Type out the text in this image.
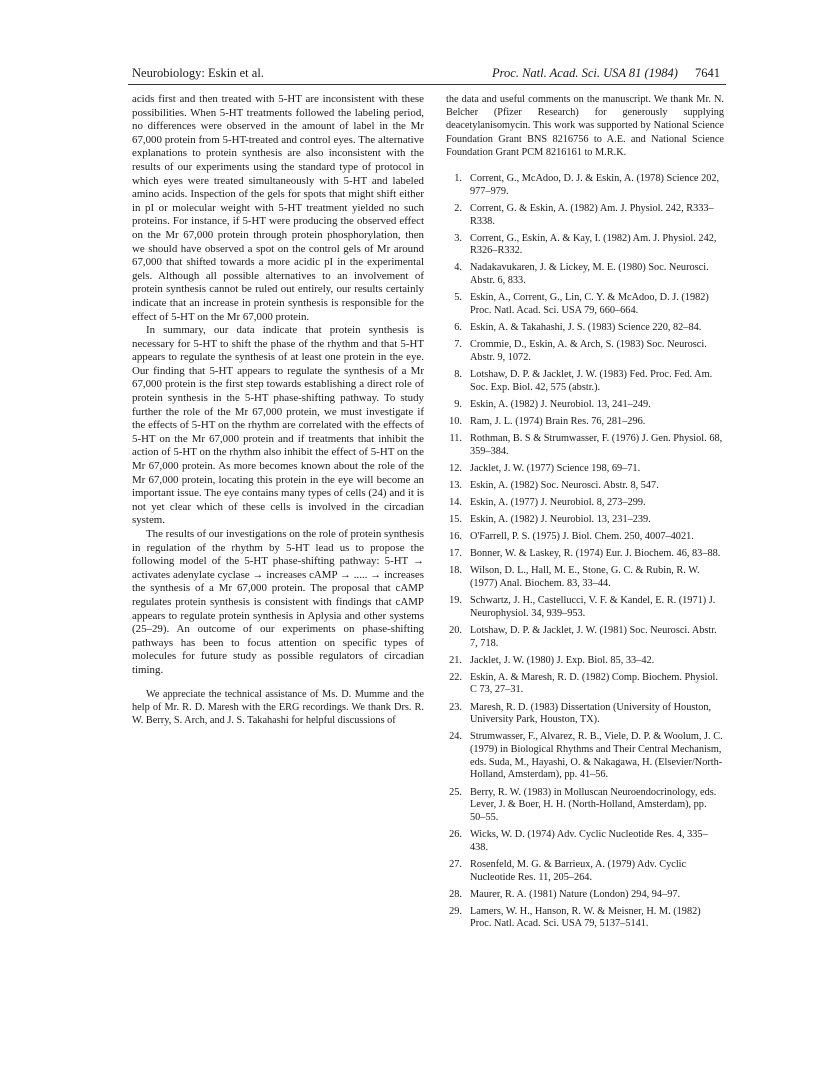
Neurobiology: Eskin et al.	Proc. Natl. Acad. Sci. USA 81 (1984) 7641

acids first and then treated with 5-HT are inconsistent with these possibilities. When 5-HT treatments followed the labeling period, no differences were observed in the amount of label in the Mr 67,000 protein from 5-HT-treated and control eyes. The alternative explanations to protein synthesis are also inconsistent with the results of our experiments using the standard type of protocol in which eyes were treated simultaneously with 5-HT and labeled amino acids. Inspection of the gels for spots that might shift either in pI or molecular weight with 5-HT treatment yielded no such proteins. For instance, if 5-HT were producing the observed effect on the Mr 67,000 protein through protein phosphorylation, then we should have observed a spot on the control gels of Mr around 67,000 that shifted towards a more acidic pI in the experimental gels. Although all possible alternatives to an involvement of protein synthesis cannot be ruled out entirely, our results certainly indicate that an increase in protein synthesis is responsible for the effect of 5-HT on the Mr 67,000 protein.

In summary, our data indicate that protein synthesis is necessary for 5-HT to shift the phase of the rhythm and that 5-HT appears to regulate the synthesis of at least one protein in the eye. Our finding that 5-HT appears to regulate the synthesis of a Mr 67,000 protein is the first step towards establishing a direct role of protein synthesis in the 5-HT phase-shifting pathway. To study further the role of the Mr 67,000 protein, we must investigate if the effects of 5-HT on the rhythm are correlated with the effects of 5-HT on the Mr 67,000 protein and if treatments that inhibit the action of 5-HT on the rhythm also inhibit the effect of 5-HT on the Mr 67,000 protein. As more becomes known about the role of the Mr 67,000 protein, locating this protein in the eye will become an important issue. The eye contains many types of cells (24) and it is not yet clear which of these cells is involved in the circadian system.

The results of our investigations on the role of protein synthesis in regulation of the rhythm by 5-HT lead us to propose the following model of the 5-HT phase-shifting pathway: 5-HT → activates adenylate cyclase → increases cAMP → ..... → increases the synthesis of a Mr 67,000 protein. The proposal that cAMP regulates protein synthesis is consistent with findings that cAMP appears to regulate protein synthesis in Aplysia and other systems (25–29). An outcome of our experiments on phase-shifting pathways has been to focus attention on specific types of molecules for future study as possible regulators of circadian timing.

We appreciate the technical assistance of Ms. D. Mumme and the help of Mr. R. D. Maresh with the ERG recordings. We thank Drs. R. W. Berry, S. Arch, and J. S. Takahashi for helpful discussions of

the data and useful comments on the manuscript. We thank Mr. N. Belcher (Pfizer Research) for generously supplying deacetylanisomycin. This work was supported by National Science Foundation Grant BNS 8216756 to A.E. and National Science Foundation Grant PCM 8216161 to M.R.K.

1. Corrent, G., McAdoo, D. J. & Eskin, A. (1978) Science 202, 977–979.
2. Corrent, G. & Eskin, A. (1982) Am. J. Physiol. 242, R333–R338.
3. Corrent, G., Eskin, A. & Kay, I. (1982) Am. J. Physiol. 242, R326–R332.
4. Nadakavukaren, J. & Lickey, M. E. (1980) Soc. Neurosci. Abstr. 6, 833.
5. Eskin, A., Corrent, G., Lin, C. Y. & McAdoo, D. J. (1982) Proc. Natl. Acad. Sci. USA 79, 660–664.
6. Eskin, A. & Takahashi, J. S. (1983) Science 220, 82–84.
7. Crommie, D., Eskin, A. & Arch, S. (1983) Soc. Neurosci. Abstr. 9, 1072.
8. Lotshaw, D. P. & Jacklet, J. W. (1983) Fed. Proc. Fed. Am. Soc. Exp. Biol. 42, 575 (abstr.).
9. Eskin, A. (1982) J. Neurobiol. 13, 241–249.
10. Ram, J. L. (1974) Brain Res. 76, 281–296.
11. Rothman, B. S & Strumwasser, F. (1976) J. Gen. Physiol. 68, 359–384.
12. Jacklet, J. W. (1977) Science 198, 69–71.
13. Eskin, A. (1982) Soc. Neurosci. Abstr. 8, 547.
14. Eskin, A. (1977) J. Neurobiol. 8, 273–299.
15. Eskin, A. (1982) J. Neurobiol. 13, 231–239.
16. O'Farrell, P. S. (1975) J. Biol. Chem. 250, 4007–4021.
17. Bonner, W. & Laskey, R. (1974) Eur. J. Biochem. 46, 83–88.
18. Wilson, D. L., Hall, M. E., Stone, G. C. & Rubin, R. W. (1977) Anal. Biochem. 83, 33–44.
19. Schwartz, J. H., Castellucci, V. F. & Kandel, E. R. (1971) J. Neurophysiol. 34, 939–953.
20. Lotshaw, D. P. & Jacklet, J. W. (1981) Soc. Neurosci. Abstr. 7, 718.
21. Jacklet, J. W. (1980) J. Exp. Biol. 85, 33–42.
22. Eskin, A. & Maresh, R. D. (1982) Comp. Biochem. Physiol. C 73, 27–31.
23. Maresh, R. D. (1983) Dissertation (University of Houston, University Park, Houston, TX).
24. Strumwasser, F., Alvarez, R. B., Viele, D. P. & Woolum, J. C. (1979) in Biological Rhythms and Their Central Mechanism, eds. Suda, M., Hayashi, O. & Nakagawa, H. (Elsevier/North-Holland, Amsterdam), pp. 41–56.
25. Berry, R. W. (1983) in Molluscan Neuroendocrinology, eds. Lever, J. & Boer, H. H. (North-Holland, Amsterdam), pp. 50–55.
26. Wicks, W. D. (1974) Adv. Cyclic Nucleotide Res. 4, 335–438.
27. Rosenfeld, M. G. & Barrieux, A. (1979) Adv. Cyclic Nucleotide Res. 11, 205–264.
28. Maurer, R. A. (1981) Nature (London) 294, 94–97.
29. Lamers, W. H., Hanson, R. W. & Meisner, H. M. (1982) Proc. Natl. Acad. Sci. USA 79, 5137–5141.
